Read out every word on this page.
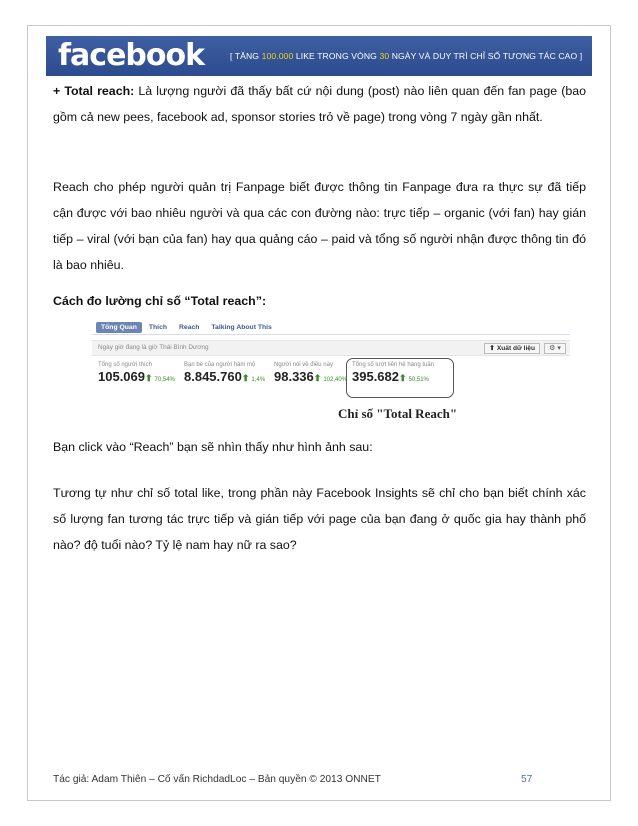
facebook	[ TĂNG 100.000 LIKE TRONG VÒNG 30 NGÀY VÀ DUY TRÌ CHỈ SỐ TƯƠNG TÁC CAO ]
+ Total reach: Là lượng người đã thấy bất cứ nội dung (post) nào liên quan đến fan page (bao gồm cả new pees, facebook ad, sponsor stories trỏ về page) trong vòng 7 ngày gần nhất.
Reach cho phép người quản trị Fanpage biết được thông tin Fanpage đưa ra thực sự đã tiếp cận được với bao nhiêu người và qua các con đường nào: trực tiếp – organic (với fan) hay gián tiếp – viral (với bạn của fan) hay qua quảng cáo – paid và tổng số người nhận được thông tin đó là bao nhiêu.
Cách đo lường chỉ số “Total reach”:
Tổng Quan	Thích	Reach	Talking About This
Ngày giờ đang là giờ Thái Bình Dương	⬆ Xuất dữ liệu	⚙ ▾
Tổng số người thích
105.069⬆ 70,54%
Bạn bè của người hâm mộ
8.845.760⬆ 1,4%
Người nói về điều này
98.336⬆ 102,40%
Tổng số lượt liên hệ hàng tuần
395.682⬆ 50,51%
Chỉ số "Total Reach"
Bạn click vào “Reach” bạn sẽ nhìn thấy như hình ảnh sau:
Tương tự như chỉ số total like, trong phần này Facebook Insights sẽ chỉ cho bạn biết chính xác số lượng fan tương tác trực tiếp và gián tiếp với page của bạn đang ở quốc gia hay thành phố nào? độ tuổi nào? Tỷ lệ nam hay nữ ra sao?
Tác giả: Adam Thiên – Cố vấn RichdadLoc – Bản quyền © 2013 ONNET	57
